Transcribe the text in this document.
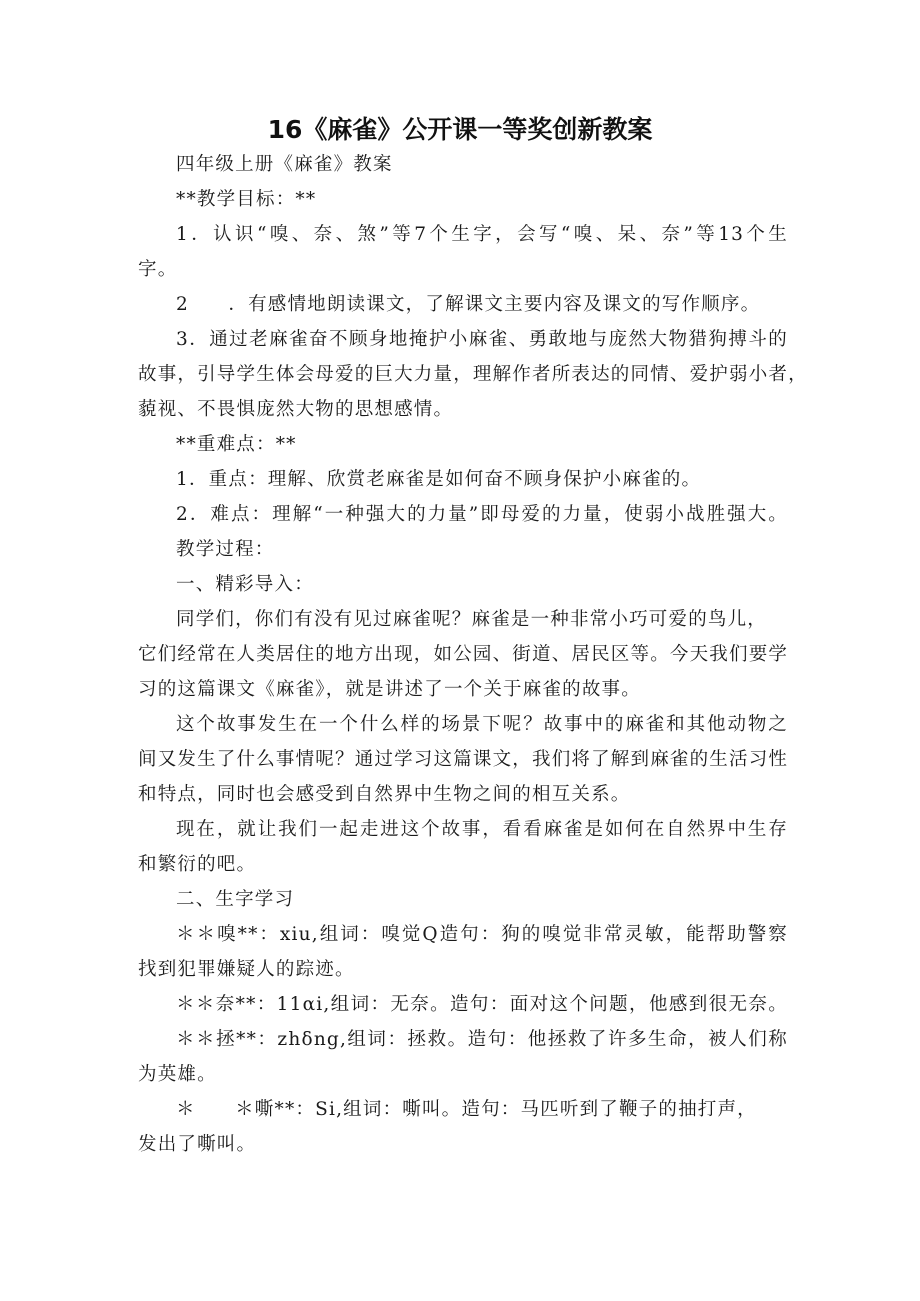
16《麻雀》公开课一等奖创新教案
四年级上册《麻雀》教案
**教学目标：**
1．认识“嗅、奈、煞”等7个生字，会写“嗅、呆、奈”等13个生
字。
2　　．有感情地朗读课文，了解课文主要内容及课文的写作顺序。
3．通过老麻雀奋不顾身地掩护小麻雀、勇敢地与庞然大物猎狗搏斗的
故事，引导学生体会母爱的巨大力量，理解作者所表达的同情、爱护弱小者，
藐视、不畏惧庞然大物的思想感情。
**重难点：**
1．重点：理解、欣赏老麻雀是如何奋不顾身保护小麻雀的。
2．难点：理解“一种强大的力量”即母爱的力量，使弱小战胜强大。
教学过程：
一、精彩导入：
同学们，你们有没有见过麻雀呢？麻雀是一种非常小巧可爱的鸟儿，
它们经常在人类居住的地方出现，如公园、街道、居民区等。今天我们要学
习的这篇课文《麻雀》，就是讲述了一个关于麻雀的故事。
这个故事发生在一个什么样的场景下呢？故事中的麻雀和其他动物之
间又发生了什么事情呢？通过学习这篇课文，我们将了解到麻雀的生活习性
和特点，同时也会感受到自然界中生物之间的相互关系。
现在，就让我们一起走进这个故事，看看麻雀是如何在自然界中生存
和繁衍的吧。
二、生字学习
＊＊嗅**：xiu,组词：嗅觉Q造句：狗的嗅觉非常灵敏，能帮助警察
找到犯罪嫌疑人的踪迹。
＊＊奈**：11αi,组词：无奈。造句：面对这个问题，他感到很无奈。
＊＊拯**：zhδng,组词：拯救。造句：他拯救了许多生命，被人们称
为英雄。
＊　　＊嘶**：Si,组词：嘶叫。造句：马匹听到了鞭子的抽打声，
发出了嘶叫。
